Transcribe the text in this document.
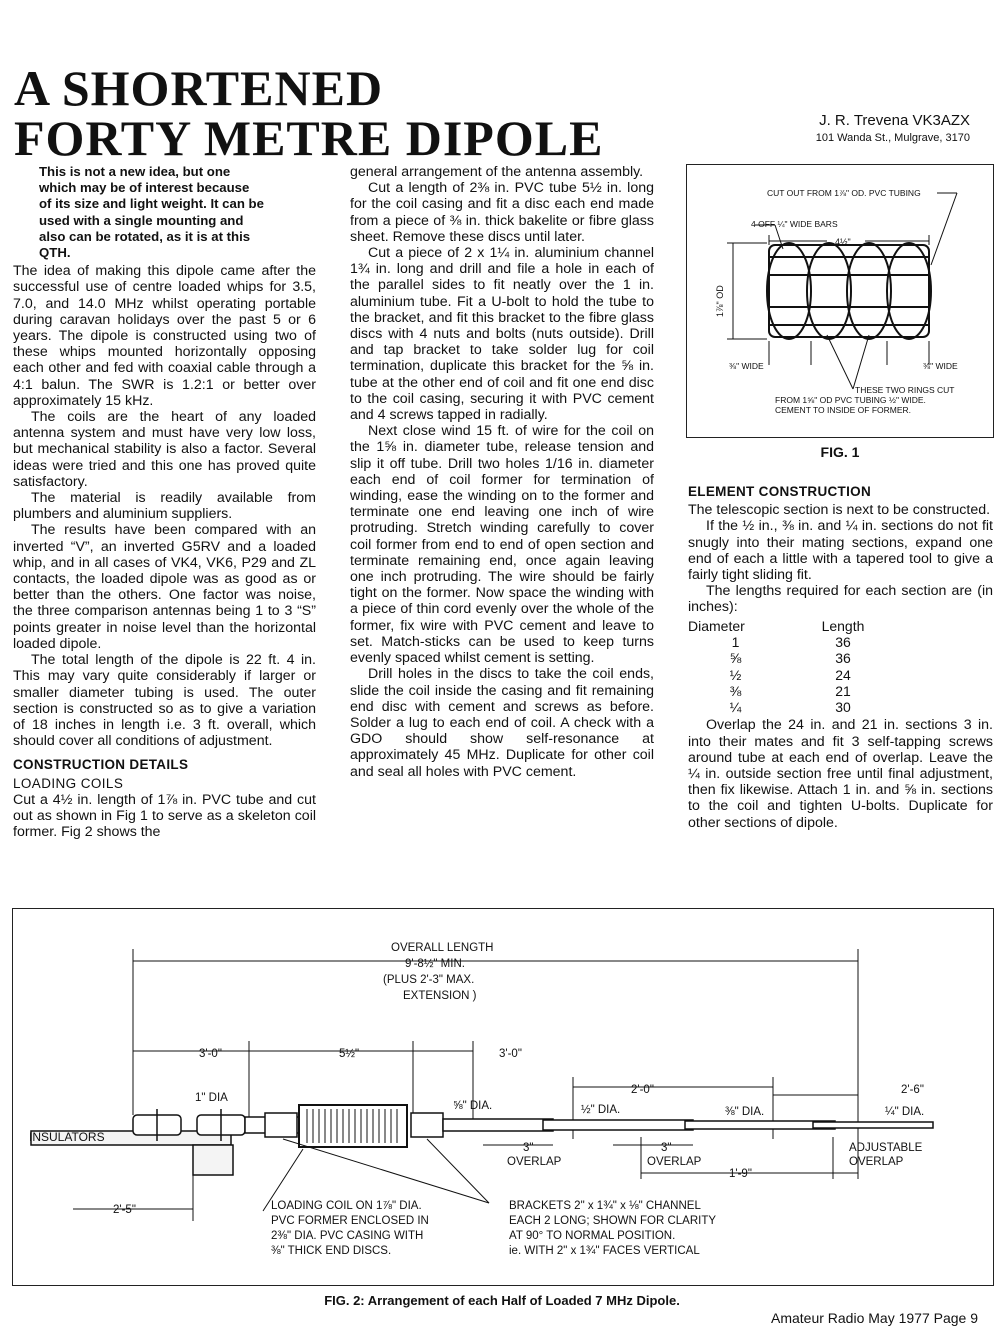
A SHORTENED
FORTY METRE DIPOLE	J. R. Trevena VK3AZX
101 Wanda St., Mulgrave, 3170
This is not a new idea, but one
which may be of interest because
of its size and light weight. It can be
used with a single mounting and
also can be rotated, as it is at this
QTH.

The idea of making this dipole came after the successful use of centre loaded whips for 3.5, 7.0, and 14.0 MHz whilst operating portable during caravan holidays over the past 5 or 6 years. The dipole is constructed using two of these whips mounted horizontally opposing each other and fed with coaxial cable through a 4:1 balun. The SWR is 1.2:1 or better over approximately 15 kHz.

The coils are the heart of any loaded antenna system and must have very low loss, but mechanical stability is also a factor. Several ideas were tried and this one has proved quite satisfactory.

The material is readily available from plumbers and aluminium suppliers.

The results have been compared with an inverted “V”, an inverted G5RV and a loaded whip, and in all cases of VK4, VK6, P29 and ZL contacts, the loaded dipole was as good as or better than the others. One factor was noise, the three comparison antennas being 1 to 3 “S” points greater in noise level than the horizontal loaded dipole.

The total length of the dipole is 22 ft. 4 in. This may vary quite considerably if larger or smaller diameter tubing is used. The outer section is constructed so as to give a variation of 18 inches in length i.e. 3 ft. overall, which should cover all conditions of adjustment.

CONSTRUCTION DETAILS
LOADING COILS

Cut a 4½ in. length of 1⅞ in. PVC tube and cut out as shown in Fig 1 to serve as a skeleton coil former. Fig 2 shows the

general arrangement of the antenna assembly.

Cut a length of 2⅜ in. PVC tube 5½ in. long for the coil casing and fit a disc each end made from a piece of ⅜ in. thick bakelite or fibre glass sheet. Remove these discs until later.

Cut a piece of 2 x 1¼ in. aluminium channel 1¾ in. long and drill and file a hole in each of the parallel sides to fit neatly over the 1 in. aluminium tube. Fit a U-bolt to hold the tube to the bracket, and fit this bracket to the fibre glass discs with 4 nuts and bolts (nuts outside). Drill and tap bracket to take solder lug for coil termination, duplicate this bracket for the ⅝ in. tube at the other end of coil and fit one end disc to the coil casing, securing it with PVC cement and 4 screws tapped in radially.

Next close wind 15 ft. of wire for the coil on the 1⅝ in. diameter tube, release tension and slip it off tube. Drill two holes 1/16 in. diameter each end of coil former for termination of winding, ease the winding on to the former and terminate one end leaving one inch of wire protruding. Stretch winding carefully to cover coil former from end to end of open section and terminate remaining end, once again leaving one inch protruding. The wire should be fairly tight on the former. Now space the winding with a piece of thin cord evenly over the whole of the former, fix wire with PVC cement and leave to set. Match-sticks can be used to keep turns evenly spaced whilst cement is setting.

Drill holes in the discs to take the coil ends, slide the coil inside the casing and fit remaining end disc with cement and screws as before. Solder a lug to each end of coil. A check with a GDO should show self-resonance at approximately 45 MHz. Duplicate for other coil and seal all holes with PVC cement.

CUT OUT FROM 1⅞" OD. PVC TUBING
4 OFF ¼" WIDE BARS
4½"
1⅞" OD
⅜" WIDE	⅜" WIDE
THESE TWO RINGS CUT
FROM 1⅝" OD PVC TUBING ½" WIDE.
CEMENT TO INSIDE OF FORMER.
FIG. 1
ELEMENT CONSTRUCTION

The telescopic section is next to be constructed.

If the ½ in., ⅜ in. and ¼ in. sections do not fit snugly into their mating sections, expand one end of each a little with a tapered tool to give a fairly tight sliding fit.

The lengths required for each section are (in inches):

Diameter	Length
1	36
⅝	36
½	24
⅜	21
¼	30

Overlap the 24 in. and 21 in. sections 3 in. into their mates and fit 3 self-tapping screws around tube at each end of overlap. Leave the ¼ in. outside section free until final adjustment, then fix likewise. Attach 1 in. and ⅝ in. sections to the coil and tighten U-bolts. Duplicate for other sections of dipole.

OVERALL LENGTH
9'-8½" MIN.
(PLUS 2'-3" MAX.
EXTENSION )
3'-0"	5½"	3'-0"
2'-0"	2'-6"
2'-5"
1'-9"
1" DIA
⅝" DIA.	½" DIA.	⅜" DIA.	¼" DIA.
INSULATORS
3"
OVERLAP
3"
OVERLAP
ADJUSTABLE
OVERLAP
LOADING COIL ON 1⅞" DIA.
PVC FORMER ENCLOSED IN
2⅜" DIA. PVC CASING WITH
⅜" THICK END DISCS.
BRACKETS 2" x 1¾" x ⅛" CHANNEL
EACH 2 LONG; SHOWN FOR CLARITY
AT 90° TO NORMAL POSITION.
ie. WITH 2" x 1¾" FACES VERTICAL
FIG. 2: Arrangement of each Half of Loaded 7 MHz Dipole.
Amateur Radio May 1977 Page 9
